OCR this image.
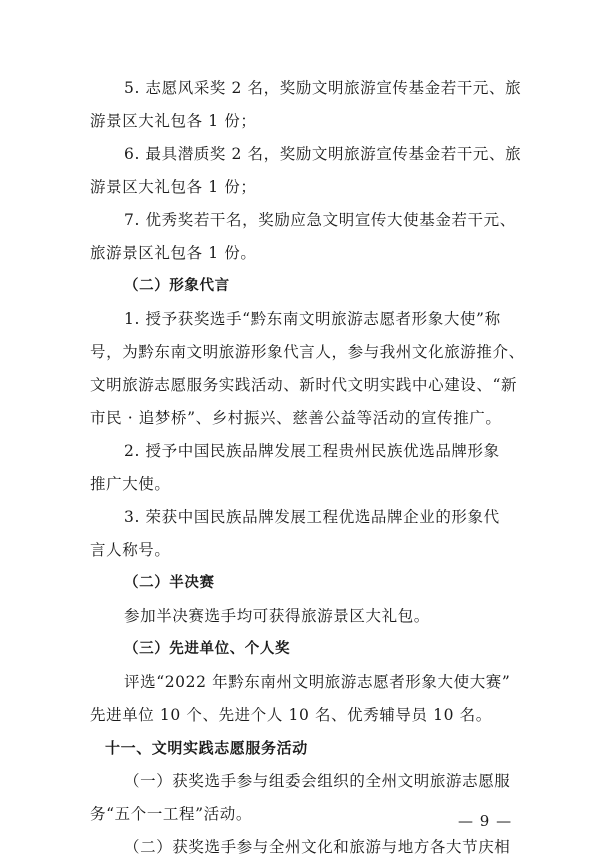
5. 志愿风采奖 2 名，奖励文明旅游宣传基金若干元、旅
游景区大礼包各 1 份；
6. 最具潜质奖 2 名，奖励文明旅游宣传基金若干元、旅
游景区大礼包各 1 份；
7. 优秀奖若干名，奖励应急文明宣传大使基金若干元、
旅游景区礼包各 1 份。
（二）形象代言
1. 授予获奖选手“黔东南文明旅游志愿者形象大使”称
号，为黔东南文明旅游形象代言人，参与我州文化旅游推介、
文明旅游志愿服务实践活动、新时代文明实践中心建设、“新
市民 · 追梦桥”、乡村振兴、慈善公益等活动的宣传推广。
2. 授予中国民族品牌发展工程贵州民族优选品牌形象
推广大使。
3. 荣获中国民族品牌发展工程优选品牌企业的形象代
言人称号。
（二）半决赛
参加半决赛选手均可获得旅游景区大礼包。
（三）先进单位、个人奖
评选“2022 年黔东南州文明旅游志愿者形象大使大赛”
先进单位 10 个、先进个人 10 名、优秀辅导员 10 名。
十一、文明实践志愿服务活动
（一）获奖选手参与组委会组织的全州文明旅游志愿服
务“五个一工程”活动。
（二）获奖选手参与全州文化和旅游与地方各大节庆相
— 9 —
